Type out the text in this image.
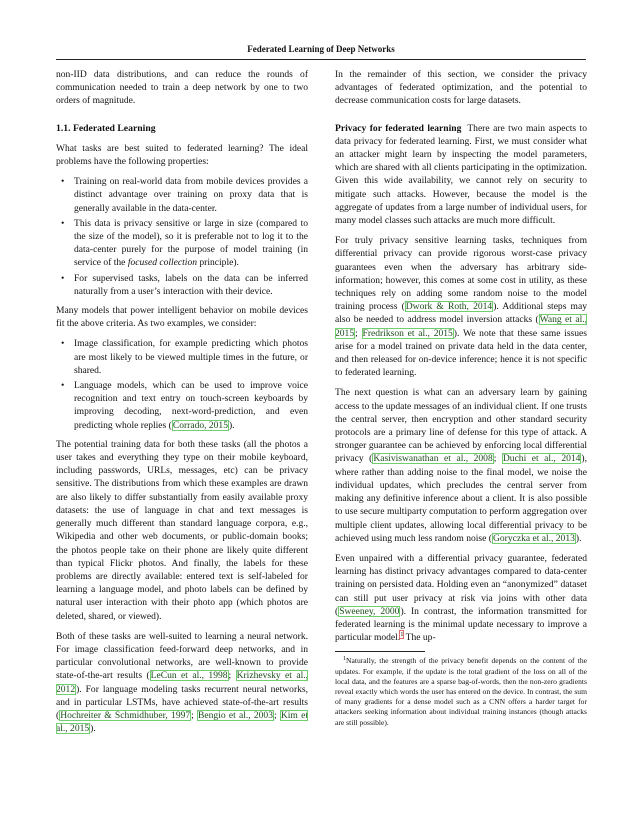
Federated Learning of Deep Networks

non-IID data distributions, and can reduce the rounds of communication needed to train a deep network by one to two orders of magnitude.

1.1. Federated Learning

What tasks are best suited to federated learning? The ideal problems have the following properties:

• Training on real-world data from mobile devices provides a distinct advantage over training on proxy data that is generally available in the data-center.
• This data is privacy sensitive or large in size (compared to the size of the model), so it is preferable not to log it to the data-center purely for the purpose of model training (in service of the focused collection principle).
• For supervised tasks, labels on the data can be inferred naturally from a user’s interaction with their device.

Many models that power intelligent behavior on mobile devices fit the above criteria. As two examples, we consider:

• Image classification, for example predicting which photos are most likely to be viewed multiple times in the future, or shared.
• Language models, which can be used to improve voice recognition and text entry on touch-screen keyboards by improving decoding, next-word-prediction, and even predicting whole replies (Corrado, 2015).

The potential training data for both these tasks (all the photos a user takes and everything they type on their mobile keyboard, including passwords, URLs, messages, etc) can be privacy sensitive. The distributions from which these examples are drawn are also likely to differ substantially from easily available proxy datasets: the use of language in chat and text messages is generally much different than standard language corpora, e.g., Wikipedia and other web documents, or public-domain books; the photos people take on their phone are likely quite different than typical Flickr photos. And finally, the labels for these problems are directly available: entered text is self-labeled for learning a language model, and photo labels can be defined by natural user interaction with their photo app (which photos are deleted, shared, or viewed).

Both of these tasks are well-suited to learning a neural network. For image classification feed-forward deep networks, and in particular convolutional networks, are well-known to provide state-of-the-art results (LeCun et al., 1998; Krizhevsky et al., 2012). For language modeling tasks recurrent neural networks, and in particular LSTMs, have achieved state-of-the-art results (Hochreiter & Schmidhuber, 1997; Bengio et al., 2003; Kim et al., 2015).

In the remainder of this section, we consider the privacy advantages of federated optimization, and the potential to decrease communication costs for large datasets.

Privacy for federated learning There are two main aspects to data privacy for federated learning. First, we must consider what an attacker might learn by inspecting the model parameters, which are shared with all clients participating in the optimization. Given this wide availability, we cannot rely on security to mitigate such attacks. However, because the model is the aggregate of updates from a large number of individual users, for many model classes such attacks are much more difficult.

For truly privacy sensitive learning tasks, techniques from differential privacy can provide rigorous worst-case privacy guarantees even when the adversary has arbitrary side-information; however, this comes at some cost in utility, as these techniques rely on adding some random noise to the model training process (Dwork & Roth, 2014). Additional steps may also be needed to address model inversion attacks (Wang et al., 2015; Fredrikson et al., 2015). We note that these same issues arise for a model trained on private data held in the data center, and then released for on-device inference; hence it is not specific to federated learning.

The next question is what can an adversary learn by gaining access to the update messages of an individual client. If one trusts the central server, then encryption and other standard security protocols are a primary line of defense for this type of attack. A stronger guarantee can be achieved by enforcing local differential privacy (Kasiviswanathan et al., 2008; Duchi et al., 2014), where rather than adding noise to the final model, we noise the individual updates, which precludes the central server from making any definitive inference about a client. It is also possible to use secure multiparty computation to perform aggregation over multiple client updates, allowing local differential privacy to be achieved using much less random noise (Goryczka et al., 2013).

Even unpaired with a differential privacy guarantee, federated learning has distinct privacy advantages compared to data-center training on persisted data. Holding even an “anonymized” dataset can still put user privacy at risk via joins with other data (Sweeney, 2000). In contrast, the information transmitted for federated learning is the minimal update necessary to improve a particular model.$^1$ The up-

$^1$Naturally, the strength of the privacy benefit depends on the content of the updates. For example, if the update is the total gradient of the loss on all of the local data, and the features are a sparse bag-of-words, then the non-zero gradients reveal exactly which words the user has entered on the device. In contrast, the sum of many gradients for a dense model such as a CNN offers a harder target for attackers seeking information about individual training instances (though attacks are still possible).
